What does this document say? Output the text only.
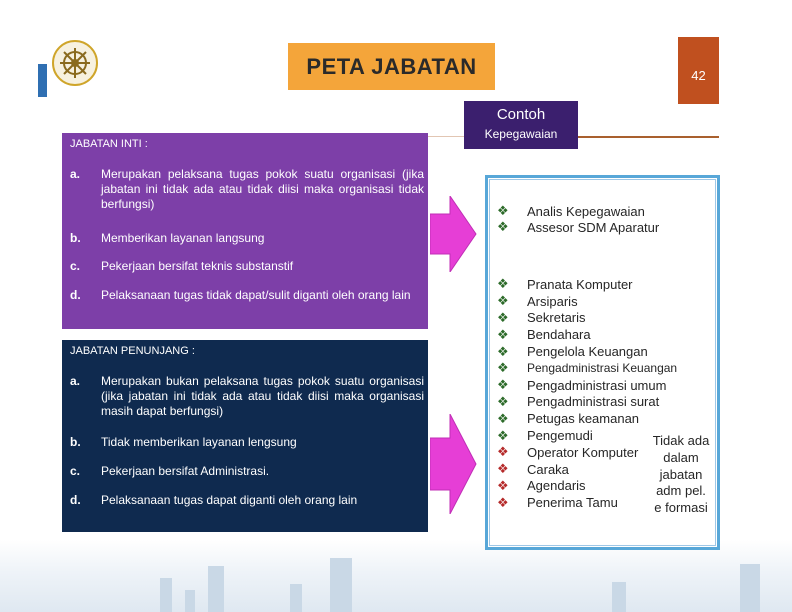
PETA JABATAN	42
Contoh
Kepegawaian
JABATAN INTI :
a.	Merupakan pelaksana tugas pokok suatu organisasi (jika jabatan ini tidak ada atau tidak diisi maka organisasi tidak berfungsi)
b.	Memberikan layanan langsung
c.	Pekerjaan bersifat teknis substanstif
d.	Pelaksanaan tugas tidak dapat/sulit diganti oleh orang lain
JABATAN PENUNJANG :
a.	Merupakan bukan pelaksana tugas pokok suatu organisasi (jika jabatan ini tidak ada atau tidak diisi maka organisasi masih dapat berfungsi)
b.	Tidak memberikan layanan lengsung
c.	Pekerjaan bersifat Administrasi.
d.	Pelaksanaan tugas dapat diganti oleh orang lain
❖	Analis Kepegawaian
❖	Assesor SDM Aparatur
❖	Pranata Komputer
❖	Arsiparis
❖	Sekretaris
❖	Bendahara
❖	Pengelola Keuangan
❖	Pengadministrasi Keuangan
❖	Pengadministrasi umum
❖	Pengadministrasi surat
❖	Petugas keamanan
❖	Pengemudi
❖	Operator Komputer
❖	Caraka
❖	Agendaris
❖	Penerima Tamu
Tidak ada
dalam
jabatan
adm pel.
e formasi
